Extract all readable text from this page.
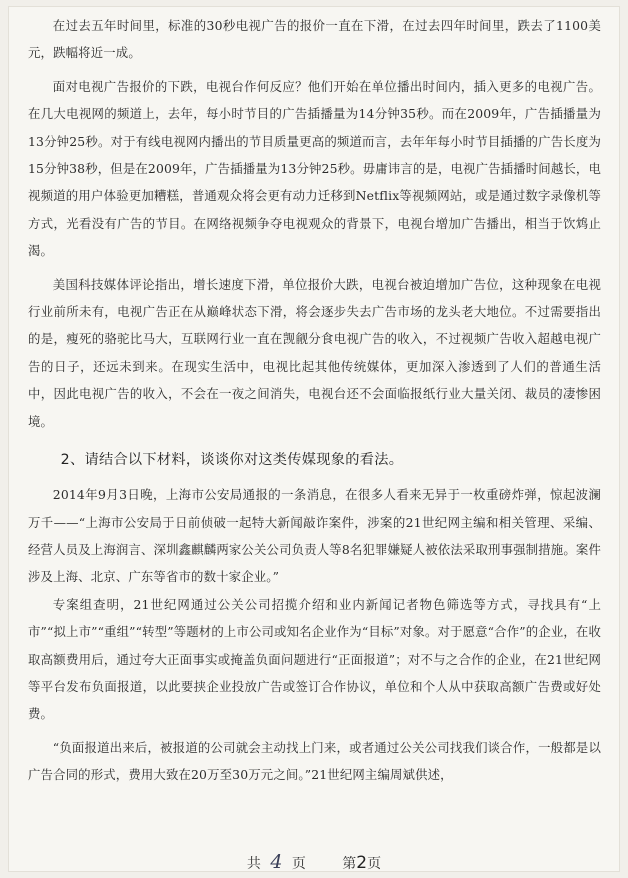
在过去五年时间里，标准的30秒电视广告的报价一直在下滑，在过去四年时间里，跌去了1100美元，跌幅将近一成。

面对电视广告报价的下跌，电视台作何反应？他们开始在单位播出时间内，插入更多的电视广告。在几大电视网的频道上，去年，每小时节目的广告插播量为14分钟35秒。而在2009年，广告插播量为13分钟25秒。对于有线电视网内播出的节目质量更高的频道而言，去年年每小时节目插播的广告长度为15分钟38秒，但是在2009年，广告插播量为13分钟25秒。毋庸讳言的是，电视广告插播时间越长，电视频道的用户体验更加糟糕，普通观众将会更有动力迁移到Netflix等视频网站，或是通过数字录像机等方式，光看没有广告的节目。在网络视频争夺电视观众的背景下，电视台增加广告播出，相当于饮鸩止渴。

美国科技媒体评论指出，增长速度下滑，单位报价大跌，电视台被迫增加广告位，这种现象在电视行业前所未有，电视广告正在从巅峰状态下滑，将会逐步失去广告市场的龙头老大地位。不过需要指出的是，瘦死的骆驼比马大，互联网行业一直在觊觎分食电视广告的收入，不过视频广告收入超越电视广告的日子，还远未到来。在现实生活中，电视比起其他传统媒体，更加深入渗透到了人们的普通生活中，因此电视广告的收入，不会在一夜之间消失，电视台还不会面临报纸行业大量关闭、裁员的凄惨困境。

2、请结合以下材料，谈谈你对这类传媒现象的看法。

2014年9月3日晚，上海市公安局通报的一条消息，在很多人看来无异于一枚重磅炸弹，惊起波澜万千——“上海市公安局于日前侦破一起特大新闻敲诈案件，涉案的21世纪网主编和相关管理、采编、经营人员及上海润言、深圳鑫麒麟两家公关公司负责人等8名犯罪嫌疑人被依法采取刑事强制措施。案件涉及上海、北京、广东等省市的数十家企业。”

专案组查明，21世纪网通过公关公司招揽介绍和业内新闻记者物色筛选等方式，寻找具有“上市”“拟上市”“重组”“转型”等题材的上市公司或知名企业作为“目标”对象。对于愿意“合作”的企业，在收取高额费用后，通过夸大正面事实或掩盖负面问题进行“正面报道”；对不与之合作的企业，在21世纪网等平台发布负面报道，以此要挟企业投放广告或签订合作协议，单位和个人从中获取高额广告费或好处费。

“负面报道出来后，被报道的公司就会主动找上门来，或者通过公关公司找我们谈合作，一般都是以广告合同的形式，费用大致在20万至30万元之间。”21世纪网主编周斌供述，

共 4 页	第2页
